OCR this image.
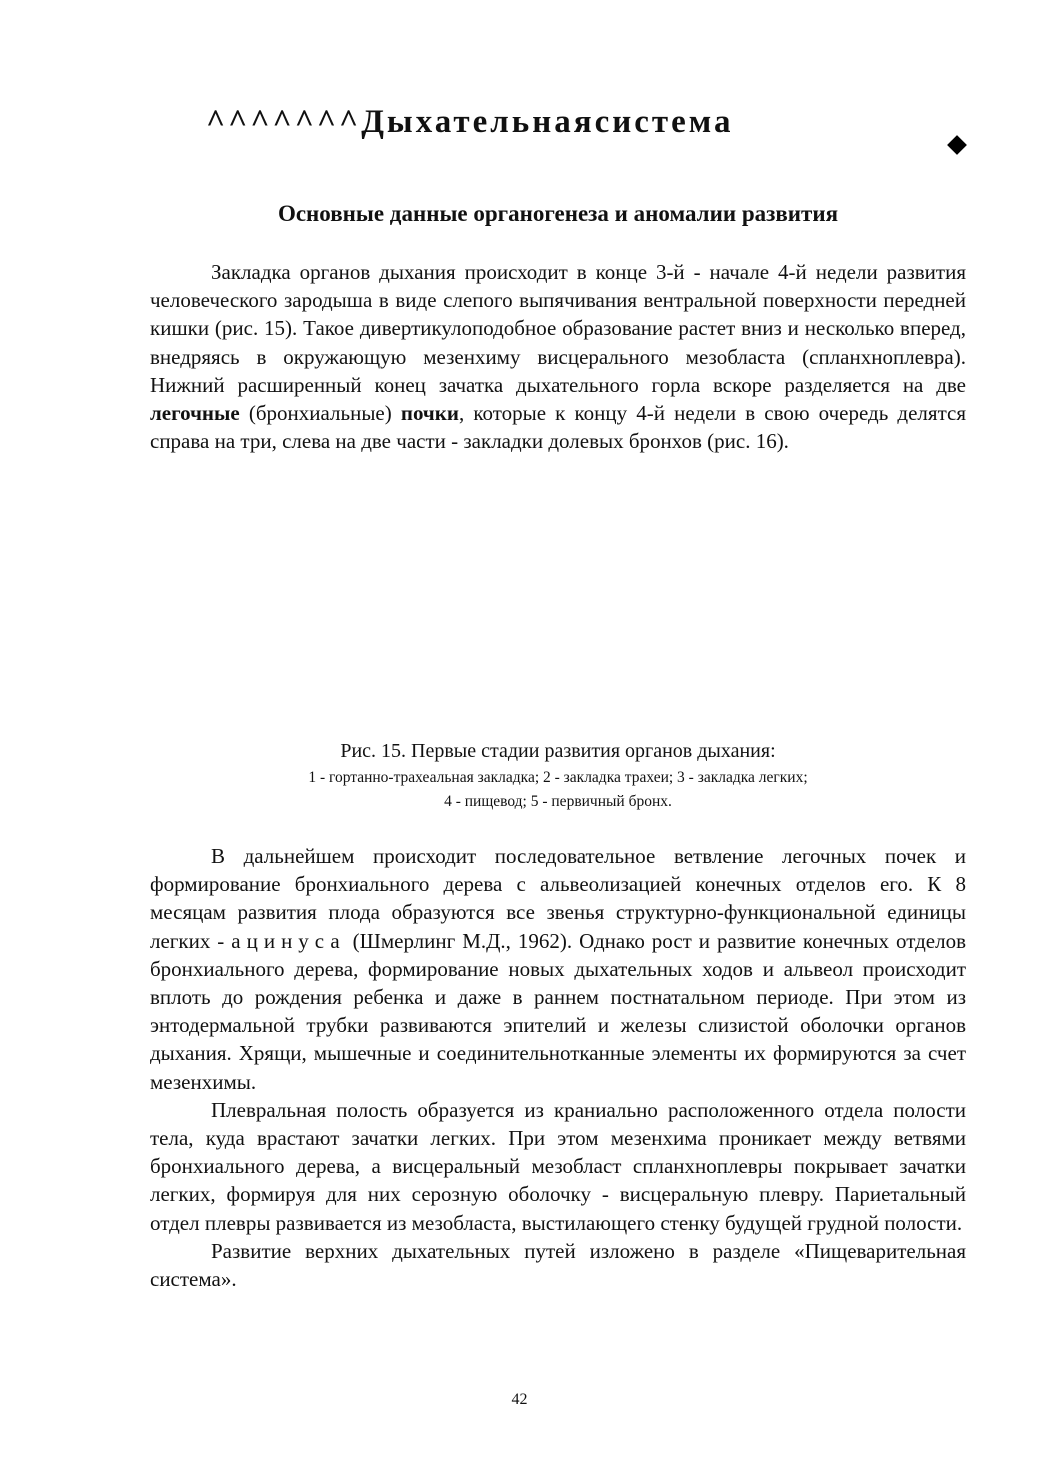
^^^^^^^Дыхательнаясистема
Основные данные органогенеза и аномалии развития

Закладка органов дыхания происходит в конце 3-й - начале 4-й недели развития человеческого зародыша в виде слепого выпячивания вентральной поверхности передней кишки (рис. 15). Такое дивертикулоподобное образование растет вниз и несколько вперед, внедряясь в окружающую мезенхиму висцерального мезобласта (спланхноплевра). Нижний расширенный конец зачатка дыхательного горла вскоре разделяется на две легочные (бронхиальные) почки, которые к концу 4-й недели в свою очередь делятся справа на три, слева на две части - закладки долевых бронхов (рис. 16).

Рис. 15. Первые стадии развития органов дыхания:

1 - гортанно-трахеальная закладка; 2 - закладка трахеи; 3 - закладка легких;

4 - пищевод; 5 - первичный бронх.

В дальнейшем происходит последовательное ветвление легочных почек и формирование бронхиального дерева с альвеолизацией конечных отделов его. К 8 месяцам развития плода образуются все звенья структурно-функциональной единицы легких - ацинуса (Шмерлинг М.Д., 1962). Однако рост и развитие конечных отделов бронхиального дерева, формирование новых дыхательных ходов и альвеол происходит вплоть до рождения ребенка и даже в раннем постнатальном периоде. При этом из энтодермальной трубки развиваются эпителий и железы слизистой оболочки органов дыхания. Хрящи, мышечные и соединительнотканные элементы их формируются за счет мезенхимы.

Плевральная полость образуется из краниально расположенного отдела полости тела, куда врастают зачатки легких. При этом мезенхима проникает между ветвями бронхиального дерева, а висцеральный мезобласт спланхноплевры покрывает зачатки легких, формируя для них серозную оболочку - висцеральную плевру. Париетальный отдел плевры развивается из мезобласта, выстилающего стенку будущей грудной полости.

Развитие верхних дыхательных путей изложено в разделе «Пищеварительная система».

42
